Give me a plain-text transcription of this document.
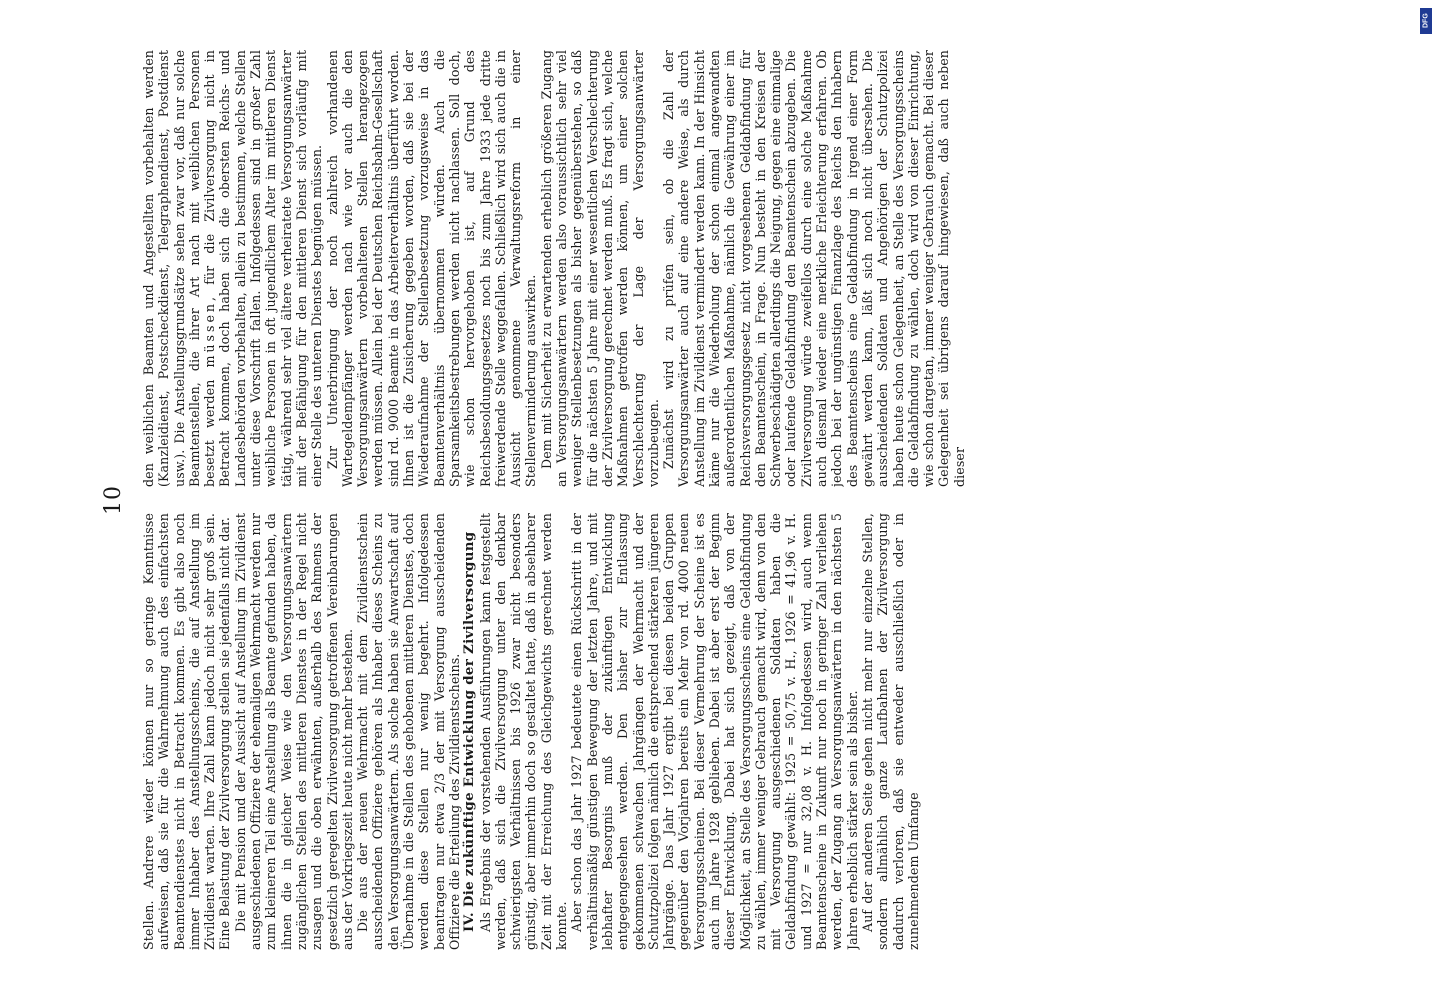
10

Stellen. Andrere wieder können nur so geringe Kenntnisse aufweisen, daß sie für die Wahrnehmung auch des einfachsten Beamtendienstes nicht in Betracht kommen. Es gibt also noch immer Inhaber des Anstellungsscheins, die auf Anstellung im Zivildienst warten. Ihre Zahl kann jedoch nicht sehr groß sein. Eine Belastung der Zivilversorgung stellen sie jedenfalls nicht dar. Die mit Pension und der Aussicht auf Anstellung im Zivildienst ausgeschiedenen Offiziere der ehemaligen Wehrmacht werden nur zum kleineren Teil eine Anstellung als Beamte gefunden haben, da ihnen die in gleicher Weise wie den Versorgungsanwärtern zugänglichen Stellen des mittleren Dienstes in der Regel nicht zusagen und die oben erwähnten, außerhalb des Rahmens der gesetzlich geregelten Zivilversorgung getroffenen Vereinbarungen aus der Vorkriegszeit heute nicht mehr bestehen. Die aus der neuen Wehrmacht mit dem Zivildienstschein ausscheidenden Offiziere gehören als Inhaber dieses Scheins zu den Versorgungsanwärtern. Als solche haben sie Anwartschaft auf Übernahme in die Stellen des gehobenen mittleren Dienstes, doch werden diese Stellen nur wenig begehrt. Infolgedessen beantragen nur etwa 2/3 der mit Versorgung ausscheidenden Offiziere die Erteilung des Zivildienstscheins. IV. Die zukünftige Entwicklung der Zivilversorgung Als Ergebnis der vorstehenden Ausführungen kann festgestellt werden, daß sich die Zivilversorgung unter den denkbar schwierigsten Verhältnissen bis 1926 zwar nicht besonders günstig, aber immerhin doch so gestaltet hatte, daß in absehbarer Zeit mit der Erreichung des Gleichgewichts gerechnet werden konnte. Aber schon das Jahr 1927 bedeutete einen Rückschritt in der verhältnismäßig günstigen Bewegung der letzten Jahre, und mit lebhafter Besorgnis muß der zukünftigen Entwicklung entgegengesehen werden. Den bisher zur Entlassung gekommenen schwachen Jahrgängen der Wehrmacht und der Schutzpolizei folgen nämlich die entsprechend stärkeren jüngeren Jahrgänge. Das Jahr 1927 ergibt bei diesen beiden Gruppen gegenüber den Vorjahren bereits ein Mehr von rd. 4000 neuen Versorgungsscheinen. Bei dieser Vermehrung der Scheine ist es auch im Jahre 1928 geblieben. Dabei ist aber erst der Beginn dieser Entwicklung. Dabei hat sich gezeigt, daß von der Möglichkeit, an Stelle des Versorgungsscheins eine Geldabfindung zu wählen, immer weniger Gebrauch gemacht wird, denn von den mit Versorgung ausgeschiedenen Soldaten haben die Geldabfindung gewählt: 1925 = 50,75 v. H., 1926 = 41,96 v. H. und 1927 = nur 32,08 v. H. Infolgedessen wird, auch wenn Beamtenscheine in Zukunft nur noch in geringer Zahl verliehen werden, der Zugang an Versorgungsanwärtern in den nächsten 5 Jahren erheblich stärker sein als bisher. Auf der anderen Seite gehen nicht mehr nur einzelne Stellen, sondern allmählich ganze Laufbahnen der Zivilversorgung dadurch verloren, daß sie entweder ausschließlich oder in zunehmendem Umfange

den weiblichen Beamten und Angestellten vorbehalten werden (Kanzleidienst, Postscheckdienst, Telegraphendienst, Postdienst usw.). Die Anstellungsgrundsätze sehen zwar vor, daß nur solche Beamtenstellen, die ihrer Art nach mit weiblichen Personen besetzt werden müssen, für die Zivilversorgung nicht in Betracht kommen, doch haben sich die obersten Reichs- und Landesbehörden vorbehalten, allein zu bestimmen, welche Stellen unter diese Vorschrift fallen. Infolgedessen sind in großer Zahl weibliche Personen in oft jugendlichem Alter im mittleren Dienst tätig, während sehr viel ältere verheiratete Versorgungsanwärter mit der Befähigung für den mittleren Dienst sich vorläufig mit einer Stelle des unteren Dienstes begnügen müssen. Zur Unterbringung der noch zahlreich vorhandenen Wartegeldempfänger werden nach wie vor auch die den Versorgungsanwärtern vorbehaltenen Stellen herangezogen werden müssen. Allein bei der Deutschen Reichsbahn-Gesellschaft sind rd. 9000 Beamte in das Arbeiterverhältnis überführt worden. Ihnen ist die Zusicherung gegeben worden, daß sie bei der Wiederaufnahme der Stellenbesetzung vorzugsweise in das Beamtenverhältnis übernommen würden. Auch die Sparsamkeitsbestrebungen werden nicht nachlassen. Soll doch, wie schon hervorgehoben ist, auf Grund des Reichsbesoldungsgesetzes noch bis zum Jahre 1933 jede dritte freiwerdende Stelle weggefallen. Schließlich wird sich auch die in Aussicht genommene Verwaltungsreform in einer Stellenverminderung auswirken. Dem mit Sicherheit zu erwartenden erheblich größeren Zugang an Versorgungsanwärtern werden also voraussichtlich sehr viel weniger Stellenbesetzungen als bisher gegenüberstehen, so daß für die nächsten 5 Jahre mit einer wesentlichen Verschlechterung der Zivilversorgung gerechnet werden muß. Es fragt sich, welche Maßnahmen getroffen werden können, um einer solchen Verschlechterung der Lage der Versorgungsanwärter vorzubeugen. Zunächst wird zu prüfen sein, ob die Zahl der Versorgungsanwärter auch auf eine andere Weise, als durch Anstellung im Zivildienst vermindert werden kann. In der Hinsicht käme nur die Wiederholung der schon einmal angewandten außerordentlichen Maßnahme, nämlich die Gewährung einer im Reichsversorgungsgesetz nicht vorgesehenen Geldabfindung für den Beamtenschein, in Frage. Nun besteht in den Kreisen der Schwerbeschädigten allerdings die Neigung, gegen eine einmalige oder laufende Geldabfindung den Beamtenschein abzugeben. Die Zivilversorgung würde zweifellos durch eine solche Maßnahme auch diesmal wieder eine merkliche Erleichterung erfahren. Ob jedoch bei der ungünstigen Finanzlage des Reichs den Inhabern des Beamtenscheins eine Geldabfindung in irgend einer Form gewährt werden kann, läßt sich noch nicht übersehen. Die ausscheidenden Soldaten und Angehörigen der Schutzpolizei haben heute schon Gelegenheit, an Stelle des Versorgungsscheins die Geldabfindung zu wählen, doch wird von dieser Einrichtung, wie schon dargetan, immer weniger Gebrauch gemacht. Bei dieser Gelegenheit sei übrigens darauf hingewiesen, daß auch neben dieser

DFG
